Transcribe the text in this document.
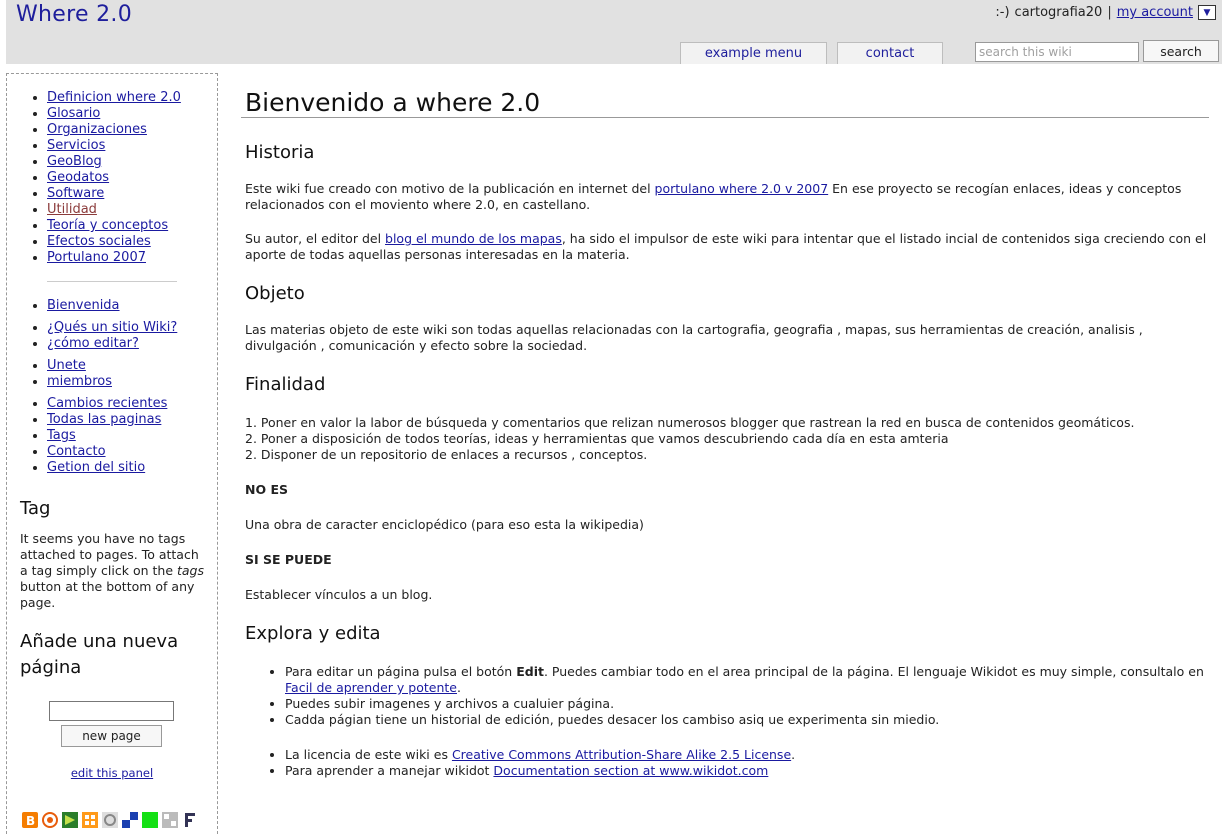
Where 2.0	:-) cartografia20 | my account	▼
example menu	contact
search this wiki	search
• Definicion where 2.0
• Glosario
• Organizaciones
• Servicios
• GeoBlog
• Geodatos
• Software
• Utilidad
• Teoría y conceptos
• Efectos sociales
• Portulano 2007
• Bienvenida
• ¿Qués un sitio Wiki?
• ¿cómo editar?
• Unete
• miembros
• Cambios recientes
• Todas las paginas
• Tags
• Contacto
• Getion del sitio
Tag

It seems you have no tags attached to pages. To attach a tag simply click on the tags button at the bottom of any page.

Añade una nueva página
new page
edit this panel
B
Bienvenido a where 2.0
Historia

Este wiki fue creado con motivo de la publicación en internet del portulano where 2.0 v 2007 En ese proyecto se recogían enlaces, ideas y conceptos relacionados con el moviento where 2.0, en castellano.

Su autor, el editor del blog el mundo de los mapas, ha sido el impulsor de este wiki para intentar que el listado incial de contenidos siga creciendo con el aporte de todas aquellas personas interesadas en la materia.

Objeto

Las materias objeto de este wiki son todas aquellas relacionadas con la cartografia, geografia , mapas, sus herramientas de creación, analisis , divulgación , comunicación y efecto sobre la sociedad.

Finalidad

1. Poner en valor la labor de búsqueda y comentarios que relizan numerosos blogger que rastrean la red en busca de contenidos geomáticos.
2. Poner a disposición de todos teorías, ideas y herramientas que vamos descubriendo cada día en esta amteria
2. Disponer de un repositorio de enlaces a recursos , conceptos.

NO ES

Una obra de caracter enciclopédico (para eso esta la wikipedia)

SI SE PUEDE

Establecer vínculos a un blog.

Explora y edita
• Para editar un página pulsa el botón Edit. Puedes cambiar todo en el area principal de la página. El lenguaje Wikidot es muy simple, consultalo en Facil de aprender y potente.
• Puedes subir imagenes y archivos a cualuier página.
• Cadda págian tiene un historial de edición, puedes desacer los cambiso asiq ue experimenta sin miedio.
• La licencia de este wiki es Creative Commons Attribution-Share Alike 2.5 License.
• Para aprender a manejar wikidot Documentation section at www.wikidot.com
